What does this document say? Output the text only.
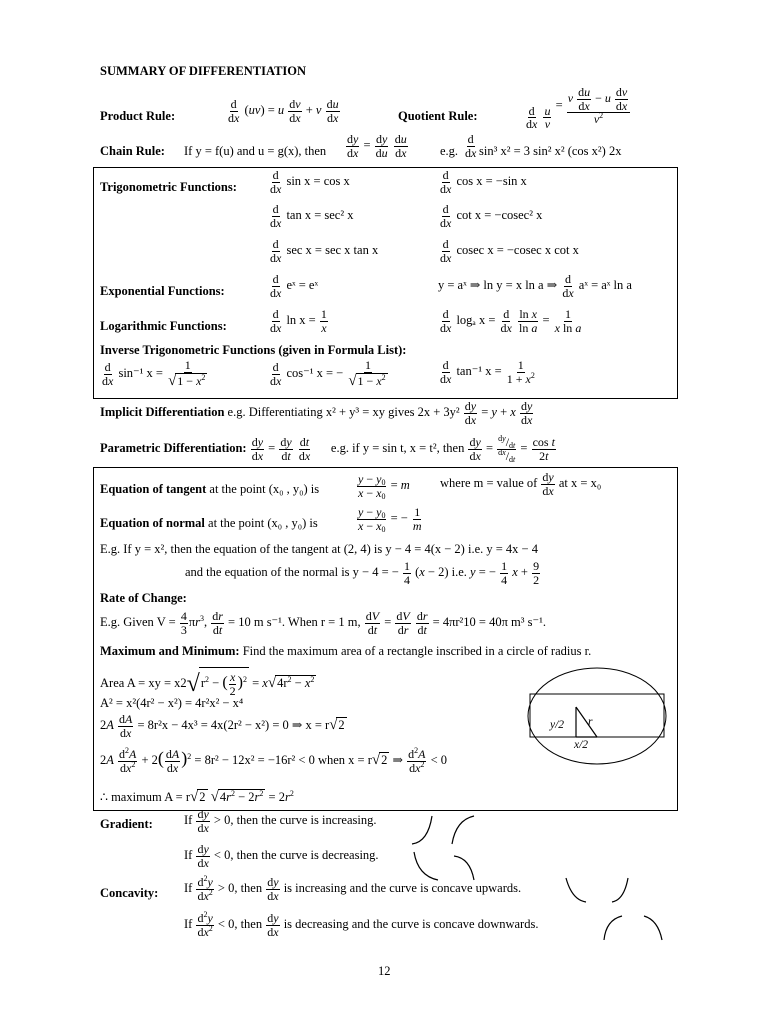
SUMMARY OF DIFFERENTIATION
Product Rule:	$\frac{d}{dx} (uv) = u \frac{dv}{dx} + v \frac{du}{dx}$	Quotient Rule:	$\frac{d}{dx}$
$\frac{u}{v} = v \frac{du}{dx} - u \frac{dv}{dx}$
$v^2$
Chain Rule: If y = f(u) and u = g(x), then $\frac{dy}{dx} = \frac{dy}{du}$
$\frac{du}{dx}$	e.g. $\frac{d}{dx} \sin^3$ x² = 3 sin² x² (cos x²) 2x
Trigonometric Functions:	$\frac{d}{dx}$ sin x = cos x	$\frac{d}{dx}$ cos x = −sin x
$\frac{d}{dx}$ tan x = sec² x	$\frac{d}{dx}$ cot x = −cosec² x
$\frac{d}{dx}$ sec x = sec x tan x	$\frac{d}{dx}$ cosec x = −cosec x cot x
Exponential Functions:	$\frac{d}{dx}$ eˣ = eˣ	y = aˣ ⇒ ln y = x ln a ⇒ $\frac{d}{dx}$ aˣ = aˣ ln a
Logarithmic Functions:	$\frac{d}{dx}$ $\ln x = \frac{1}{x}$	$\frac{d}{dx}$ logₐ $x = \frac{d}{dx}$
$\frac{\text{ln x}}{\text{ln a}} = \frac{1}{\text{x ln a}}$
Inverse Trigonometric Functions (given in Formula List):
$\frac{d}{dx} \sin^{-1}$ $x = \frac{1}{√1 - x^2}$	$\frac{d}{dx} \cos^{-1}$ x = − $\frac{1}{√1 - x^2}$	$\frac{d}{dx} \tan^{-1}$ $x = \frac{1}{1 + x^2}$
Implicit Differentiation e.g. Differentiating x² + y³ = xy gives $2x + 3y^2 \frac{dy}{dx} = y + x \frac{dy}{dx}$
Parametric Differentiation: $\frac{dy}{dx} = \frac{dy}{dt}$
$\frac{dt}{dx} e.g$. if y = sin t, x = t², then $\frac{dy}{dx} = \frac{^{dy}/_{dt}}{^{dx}/_{dt}} = \frac{\text{cos t}}{2t}$
Equation of tangent at the point (x₀ , y₀) is	$\frac{y - y_0}{x - x_0} = m$ where m = value of $\frac{dy}{dx}$ at x = x₀
Equation of normal at the point (x₀ , y₀) is	$\frac{y - y_0}{x - x_0}$ = − $\frac{1}{m}$
E.g. If y = x², then the equation of the tangent at (2, 4) is y − 4 = 4(x − 2) i.e. y = 4x − 4
and the equation of the normal is y − 4 = − $\frac{1}{4} (x - 2)$ i.e. y = − $\frac{1}{4}$ $x + \frac{9}{2}$
Rate of Change:
E.g. Given $V = \frac{4}{3} \pi r^3$, $\frac{dr}{dt} = 10$ m s⁻¹. When r = 1 m, $\frac{dV}{dt} = \frac{dV}{dr}$
$\frac{dr}{dt} = 4\pi r^210 = 40\pi$ m³ s⁻¹.
Maximum and Minimum: Find the maximum area of a rectangle inscribed in a circle of radius r.
Area A = xy = $x2√r^2$ − ( $\frac{x}{2} )^2 = x√4r^2 - x^2$
A² = x²(4r² − x²) = 4r²x² − x⁴
$2A \frac{dA}{dx} = 8r^2x - 4x^3 = 4x(2r^2 - x^2) = 0$ ⇒ x = r√2
$2A \frac{d^2A}{dx^2} + 2( \frac{dA}{dx} )^2 = 8r^2 - 12x^2 = -16r^2 < 0$ when x = r√2 ⇒ $\frac{d^2A}{dx^2} < 0$
∴ maximum A = r√2 $√4r^2 - 2r^2 = 2r^2$
y/2 r
x/2
Gradient: If $\frac{dy}{dx} > 0$, then the curve is increasing.
If $\frac{dy}{dx} < 0$, then the curve is decreasing.
Concavity: If $\frac{d^2y}{dx^2} > 0$, then $\frac{dy}{dx}$ is increasing and the curve is concave upwards.
If $\frac{d^2y}{dx^2} < 0$, then $\frac{dy}{dx}$ is decreasing and the curve is concave downwards.
12
